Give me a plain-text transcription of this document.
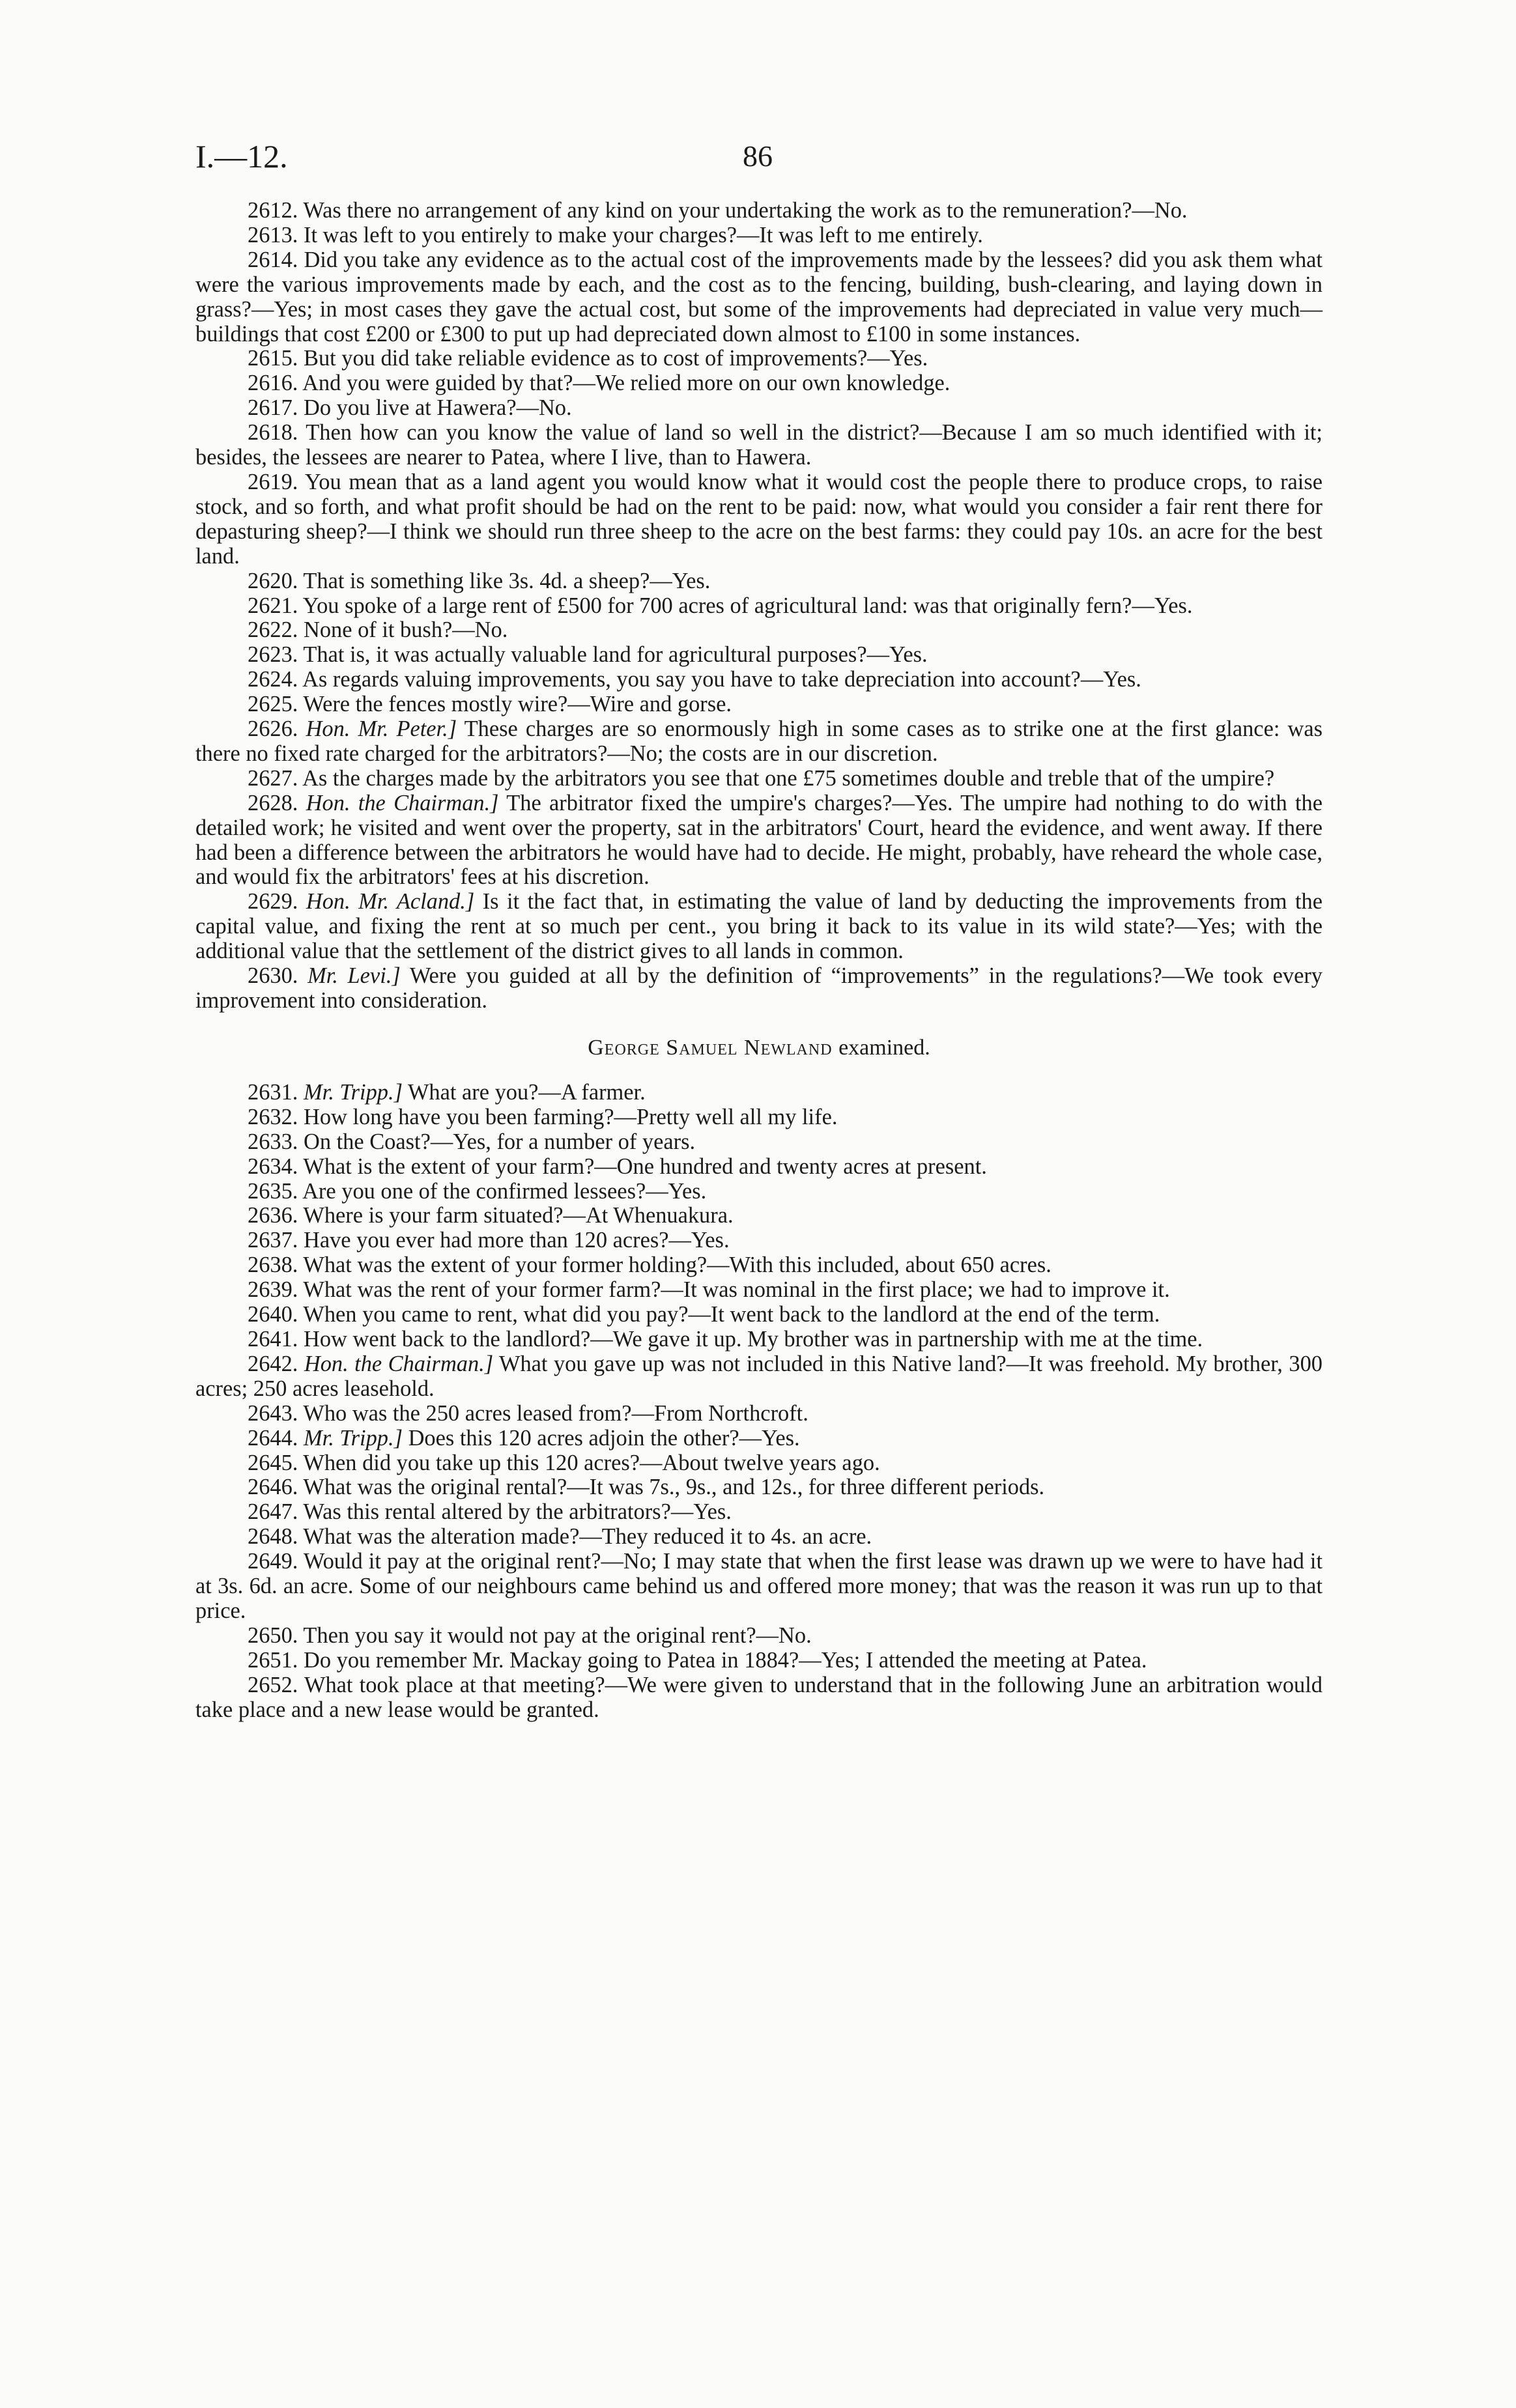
I.—12.	86

2612. Was there no arrangement of any kind on your undertaking the work as to the remuneration?—No.

2613. It was left to you entirely to make your charges?—It was left to me entirely.

2614. Did you take any evidence as to the actual cost of the improvements made by the lessees? did you ask them what were the various improvements made by each, and the cost as to the fencing, building, bush-clearing, and laying down in grass?—Yes; in most cases they gave the actual cost, but some of the improvements had depreciated in value very much—buildings that cost £200 or £300 to put up had depreciated down almost to £100 in some instances.

2615. But you did take reliable evidence as to cost of improvements?—Yes.

2616. And you were guided by that?—We relied more on our own knowledge.

2617. Do you live at Hawera?—No.

2618. Then how can you know the value of land so well in the district?—Because I am so much identified with it; besides, the lessees are nearer to Patea, where I live, than to Hawera.

2619. You mean that as a land agent you would know what it would cost the people there to produce crops, to raise stock, and so forth, and what profit should be had on the rent to be paid: now, what would you consider a fair rent there for depasturing sheep?—I think we should run three sheep to the acre on the best farms: they could pay 10s. an acre for the best land.

2620. That is something like 3s. 4d. a sheep?—Yes.

2621. You spoke of a large rent of £500 for 700 acres of agricultural land: was that originally fern?—Yes.

2622. None of it bush?—No.

2623. That is, it was actually valuable land for agricultural purposes?—Yes.

2624. As regards valuing improvements, you say you have to take depreciation into account?—Yes.

2625. Were the fences mostly wire?—Wire and gorse.

2626. Hon. Mr. Peter.] These charges are so enormously high in some cases as to strike one at the first glance: was there no fixed rate charged for the arbitrators?—No; the costs are in our discretion.

2627. As the charges made by the arbitrators you see that one £75 sometimes double and treble that of the umpire?

2628. Hon. the Chairman.] The arbitrator fixed the umpire's charges?—Yes. The umpire had nothing to do with the detailed work; he visited and went over the property, sat in the arbitrators' Court, heard the evidence, and went away. If there had been a difference between the arbitrators he would have had to decide. He might, probably, have reheard the whole case, and would fix the arbitrators' fees at his discretion.

2629. Hon. Mr. Acland.] Is it the fact that, in estimating the value of land by deducting the improvements from the capital value, and fixing the rent at so much per cent., you bring it back to its value in its wild state?—Yes; with the additional value that the settlement of the district gives to all lands in common.

2630. Mr. Levi.] Were you guided at all by the definition of “improvements” in the regulations?—We took every improvement into consideration.

George Samuel Newland examined.

2631. Mr. Tripp.] What are you?—A farmer.

2632. How long have you been farming?—Pretty well all my life.

2633. On the Coast?—Yes, for a number of years.

2634. What is the extent of your farm?—One hundred and twenty acres at present.

2635. Are you one of the confirmed lessees?—Yes.

2636. Where is your farm situated?—At Whenuakura.

2637. Have you ever had more than 120 acres?—Yes.

2638. What was the extent of your former holding?—With this included, about 650 acres.

2639. What was the rent of your former farm?—It was nominal in the first place; we had to improve it.

2640. When you came to rent, what did you pay?—It went back to the landlord at the end of the term.

2641. How went back to the landlord?—We gave it up. My brother was in partnership with me at the time.

2642. Hon. the Chairman.] What you gave up was not included in this Native land?—It was freehold. My brother, 300 acres; 250 acres leasehold.

2643. Who was the 250 acres leased from?—From Northcroft.

2644. Mr. Tripp.] Does this 120 acres adjoin the other?—Yes.

2645. When did you take up this 120 acres?—About twelve years ago.

2646. What was the original rental?—It was 7s., 9s., and 12s., for three different periods.

2647. Was this rental altered by the arbitrators?—Yes.

2648. What was the alteration made?—They reduced it to 4s. an acre.

2649. Would it pay at the original rent?—No; I may state that when the first lease was drawn up we were to have had it at 3s. 6d. an acre. Some of our neighbours came behind us and offered more money; that was the reason it was run up to that price.

2650. Then you say it would not pay at the original rent?—No.

2651. Do you remember Mr. Mackay going to Patea in 1884?—Yes; I attended the meeting at Patea.

2652. What took place at that meeting?—We were given to understand that in the following June an arbitration would take place and a new lease would be granted.
